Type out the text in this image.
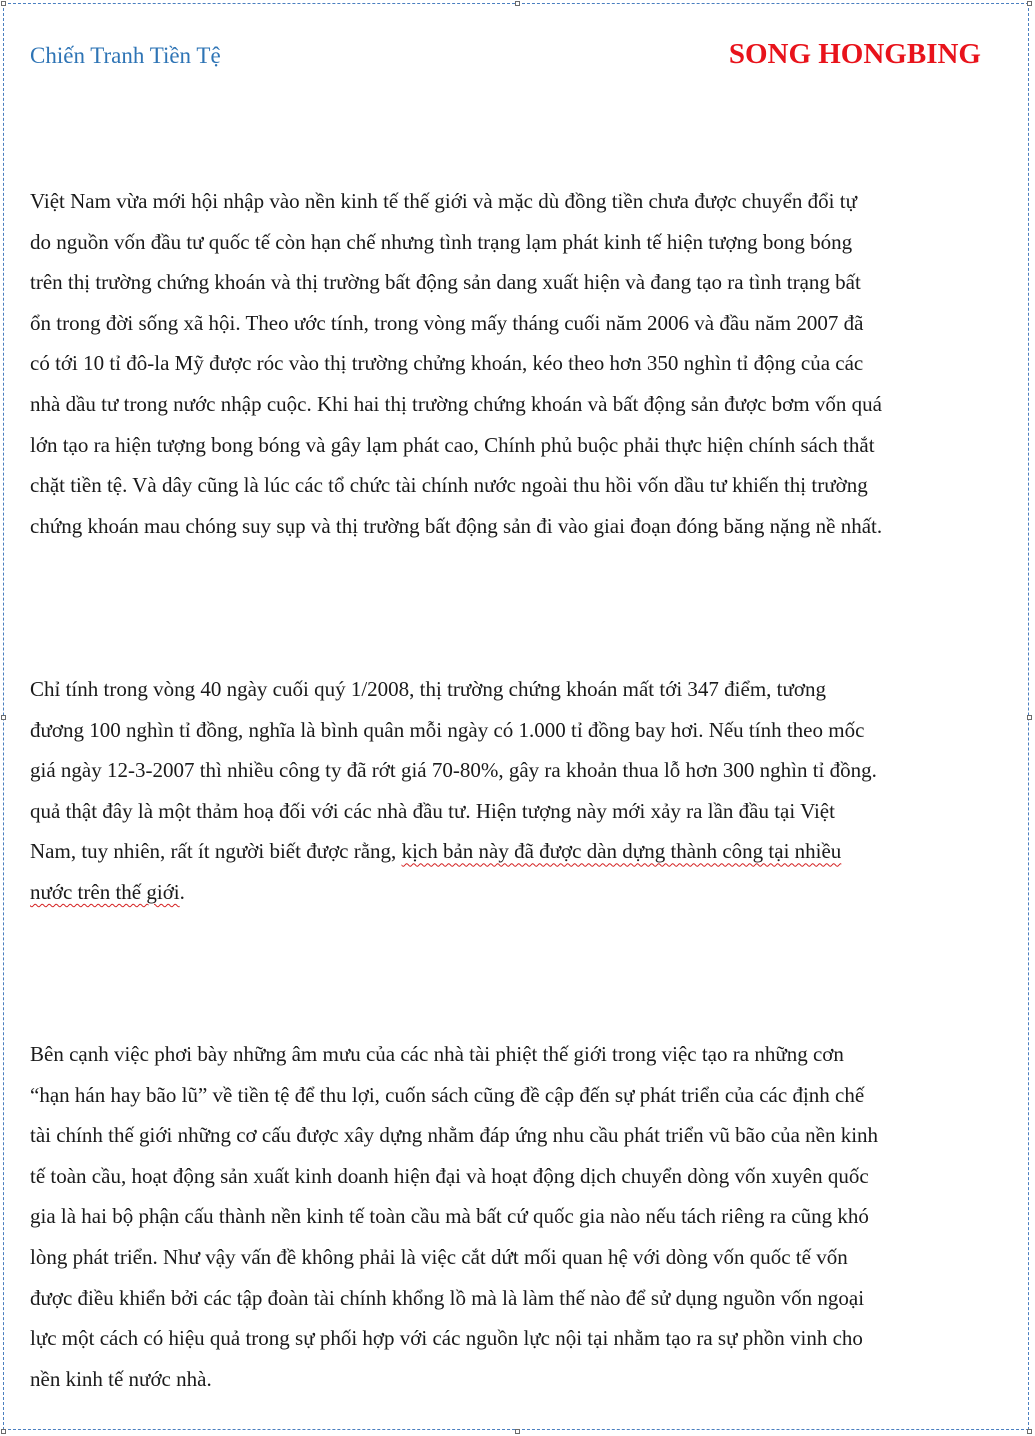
Chiến Tranh Tiền Tệ	SONG HONGBING

Việt Nam vừa mới hội nhập vào nền kinh tế thế giới và mặc dù đồng tiền chưa được chuyển đổi tự
do nguồn vốn đầu tư quốc tế còn hạn chế nhưng tình trạng lạm phát kinh tế hiện tượng bong bóng
trên thị trường chứng khoán và thị trường bất động sản dang xuất hiện và đang tạo ra tình trạng bất
ổn trong đời sống xã hội. Theo ước tính, trong vòng mấy tháng cuối năm 2006 và đầu năm 2007 đã
có tới 10 tỉ đô-la Mỹ được róc vào thị trường chửng khoán, kéo theo hơn 350 nghìn tỉ động của các
nhà dầu tư trong nước nhập cuộc. Khi hai thị trường chứng khoán và bất động sản được bơm vốn quá
lớn tạo ra hiện tượng bong bóng và gây lạm phát cao, Chính phủ buộc phải thực hiện chính sách thắt
chặt tiền tệ. Và dây cũng là lúc các tổ chức tài chính nước ngoài thu hồi vốn dầu tư khiến thị trường
chứng khoán mau chóng suy sụp và thị trường bất động sản đi vào giai đoạn đóng băng nặng nề nhất.
Chỉ tính trong vòng 40 ngày cuối quý 1/2008, thị trường chứng khoán mất tới 347 điểm, tương
đương 100 nghìn tỉ đồng, nghĩa là bình quân mỗi ngày có 1.000 tỉ đồng bay hơi. Nếu tính theo mốc
giá ngày 12-3-2007 thì nhiều công ty đã rớt giá 70-80%, gây ra khoản thua lỗ hơn 300 nghìn tỉ đồng.
quả thật đây là một thảm hoạ đối với các nhà đầu tư. Hiện tượng này mới xảy ra lần đầu tại Việt
Nam, tuy nhiên, rất ít người biết được rằng, kịch bản này đã được dàn dựng thành công tại nhiều
nước trên thế giới.
Bên cạnh việc phơi bày những âm mưu của các nhà tài phiệt thế giới trong việc tạo ra những cơn
“hạn hán hay bão lũ” về tiền tệ để thu lợi, cuốn sách cũng đề cập đến sự phát triển của các định chế
tài chính thế giới những cơ cấu được xây dựng nhằm đáp ứng nhu cầu phát triển vũ bão của nền kinh
tế toàn cầu, hoạt động sản xuất kinh doanh hiện đại và hoạt động dịch chuyển dòng vốn xuyên quốc
gia là hai bộ phận cấu thành nền kinh tế toàn cầu mà bất cứ quốc gia nào nếu tách riêng ra cũng khó
lòng phát triển. Như vậy vấn đề không phải là việc cắt dứt mối quan hệ với dòng vốn quốc tế vốn
được điều khiển bởi các tập đoàn tài chính khổng lồ mà là làm thế nào để sử dụng nguồn vốn ngoại
lực một cách có hiệu quả trong sự phối hợp với các nguồn lực nội tại nhằm tạo ra sự phồn vinh cho
nền kinh tế nước nhà.
